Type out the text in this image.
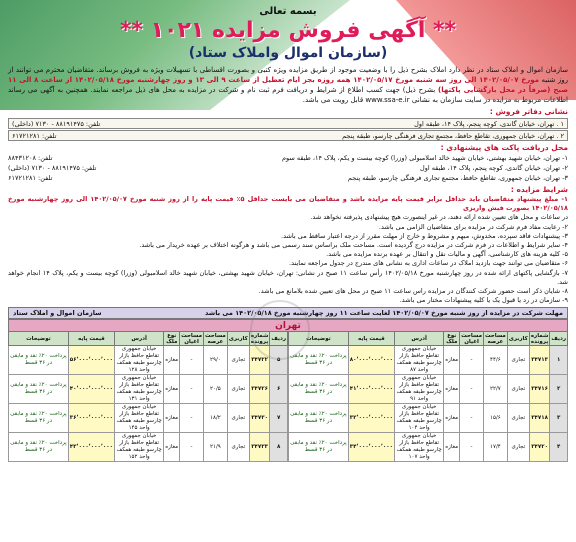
بسمه تعالی
** آگهی فروش مزایده ۱۰۲۱ **
(سازمان اموال واملاک ستاد)
سازمان اموال و املاک ستاد در نظر دارد املاک بشرح ذیل را با وضعیت موجود از طریق مزایده ویژه کتبی و بصورت اقساطی با تسهیلات ویژه به فروش برساند. متقاضیان محترم می توانند از روز شنبه مورخ ۱۴۰۲/۰۵/۰۷ الی روز سه شنبه مورخ ۱۴۰۲/۰۵/۱۷ همه روزه بجز ایام تعطیل از ساعت ۹ الی ۱۳ و روز چهارشنبه مورخ ۱۴۰۲/۰۵/۱۸ از ساعت ۸ الی ۱۱ صبح (صرفاً در محل بازگشایی پاکتها) بشرح ذیل) جهت کسب اطلاع از شرایط و دریافت فرم ثبت نام و شرکت در مزایده به محل های ذیل مراجعه نمایند. همچنین به آگهی می رساند اطلاعات مربوط به مزایده در سایت سازمان به نشانی www.ssa-e.ir قابل رویت می باشد.
نشانی دفاتر فروش :
۱ . تهران، خیابان گاندی، کوچه پنجم، پلاک ۱۴، طبقه اول
تلفن: ۸۸۱۹۱۴۷۵ - ۷۱۳۰ (داخلی)
۲ . تهران، خیابان جمهوری، تقاطع حافظ، مجتمع تجاری فرهنگی چارسو، طبقه پنجم
تلفن: ۶۱۷۲۱۲۸۱
محل دریافت پاکت های پیشنهادی :
۱- تهران، خیابان شهید بهشتی، خیابان شهید خالد اسلامبولی (وزرا) کوچه بیست و یکم، پلاک ۱۴، طبقه سوم
تلفن: ۸۸۴۳۱۲۰۸
۲- تهران، خیابان گاندی، کوچه پنجم، پلاک ۱۴، طبقه اول
تلفن: ۸۸۱۹۱۴۷۵ - ۷۱۳۰ (داخلی)
۳- تهران، خیابان جمهوری، تقاطع حافظ، مجتمع تجاری فرهنگی چارسو، طبقه پنجم
تلفن: ۶۱۷۲۱۲۸۱
شرایط مزایده :
۱- مبلغ پیشنهاد متقاضیان باید حداقل برابر قیمت پایه مزایده باشد و متقاضیان می بایست حداقل ۵٪ قیمت پایه را از روز شنبه مورخ ۱۴۰۲/۰۵/۰۷ الی روز چهارشنبه مورخ ۱۴۰۲/۰۵/۱۸ بصورت فیش واریزی
در ساعات و محل های تعیین شده ارائه دهند، در غیر اینصورت هیچ پیشنهادی پذیرفته نخواهد شد.
۲- رعایت مفاد فرم شرکت در مزایده برای متقاضیان الزامی می باشد.
۳- پیشنهادات فاقد سپرده، مخدوش، مبهم و مشروط و خارج از مهلت مقرر از درجه اعتبار ساقط می باشد.
۴- سایر شرایط و اطلاعات در فرم شرکت در مزایده درج گردیده است. مساحت ملک براساس سند رسمی می باشد و هرگونه اختلاف بر عهده خریدار می باشد.
۵- کلیه هزینه های کارشناسی، آگهی و مالیات نقل و انتقال بر عهده برنده مزایده می باشد.
۶- متقاضیان می توانند جهت بازدید املاک در ساعات اداری به نشانی های مندرج در جدول مراجعه نمایند.
۷- بازگشایی پاکتهای ارائه شده در روز چهارشنبه مورخ ۱۴۰۲/۰۵/۱۸ رأس ساعت ۱۱ صبح در نشانی: تهران، خیابان شهید بهشتی، خیابان شهید خالد اسلامبولی (وزرا) کوچه بیست و یکم، پلاک ۱۴ انجام خواهد شد.
۸- شایان ذکر است حضور شرکت کنندگان در مزایده راس ساعت ۱۱ صبح در محل های تعیین شده بلامانع می باشد.
۹- سازمان در رد یا قبول یک یا کلیه پیشنهادات مختار می باشد.
مهلت شرکت در مزایده از روز شنبه مورخ ۱۴۰۲/۰۵/۰۷ لغایت ساعت ۱۱ روز چهارشنبه مورخ ۱۴۰۲/۰۵/۱۸ می باشد
سازمان اموال و املاک ستاد
تهران
ردیف	شماره پرونده	کاربری	مساحت عرصه	مساحت اعیان	نوع ملک	آدرس	قیمت پایه	توضیحات
۱	۳۴۷۱۳	تجاری	۴۴/۶	-	مغازه	خیابان جمهوری تقاطع حافظ بازار چارسو طبقه همکف واحد ۸۷	۸۰٬۰۰۰٬۰۰۰٬۰۰۰	پرداخت ۲۰٪ نقد و مابقی در ۳۶ قسط
۲	۳۴۷۱۶	تجاری	۲۲/۷	-	مغازه	خیابان جمهوری تقاطع حافظ بازار چارسو طبقه همکف واحد ۹۱	۴۱٬۰۰۰٬۰۰۰٬۰۰۰	پرداخت ۲۰٪ نقد و مابقی در ۳۶ قسط
۳	۳۴۷۱۸	تجاری	۱۵/۶	-	مغازه	خیابان جمهوری تقاطع حافظ بازار چارسو طبقه همکف واحد ۱۰۴	۳۲٬۰۰۰٬۰۰۰٬۰۰۰	پرداخت ۲۰٪ نقد و مابقی در ۳۶ قسط
۴	۳۴۷۲۰	تجاری	۱۷/۴	-	مغازه	خیابان جمهوری تقاطع حافظ بازار چارسو طبقه همکف واحد ۱۰۷	۳۴٬۰۰۰٬۰۰۰٬۰۰۰	پرداخت ۲۰٪ نقد و مابقی در ۳۶ قسط
ردیف	شماره پرونده	کاربری	مساحت عرصه	مساحت اعیان	نوع ملک	آدرس	قیمت پایه	توضیحات
۵	۳۴۷۲۲	تجاری	۲۹/۰	-	مغازه	خیابان جمهوری تقاطع حافظ بازار چارسو طبقه همکف واحد ۱۲۸	۵۶٬۰۰۰٬۰۰۰٬۰۰۰	پرداخت ۲۰٪ نقد و مابقی در ۳۶ قسط
۶	۳۴۷۲۶	تجاری	۲۰/۵	-	مغازه	خیابان جمهوری تقاطع حافظ بازار چارسو طبقه همکف واحد ۱۳۱	۴۰٬۰۰۰٬۰۰۰٬۰۰۰	پرداخت ۲۰٪ نقد و مابقی در ۳۶ قسط
۷	۳۴۷۳۰	تجاری	۱۸/۲	-	مغازه	خیابان جمهوری تقاطع حافظ بازار چارسو طبقه همکف واحد ۱۴۵	۳۶٬۰۰۰٬۰۰۰٬۰۰۰	پرداخت ۲۰٪ نقد و مابقی در ۳۶ قسط
۸	۳۴۷۳۳	تجاری	۲۱/۹	-	مغازه	خیابان جمهوری تقاطع حافظ بازار چارسو طبقه همکف واحد ۱۵۲	۴۳٬۰۰۰٬۰۰۰٬۰۰۰	پرداخت ۲۰٪ نقد و مابقی در ۳۶ قسط
